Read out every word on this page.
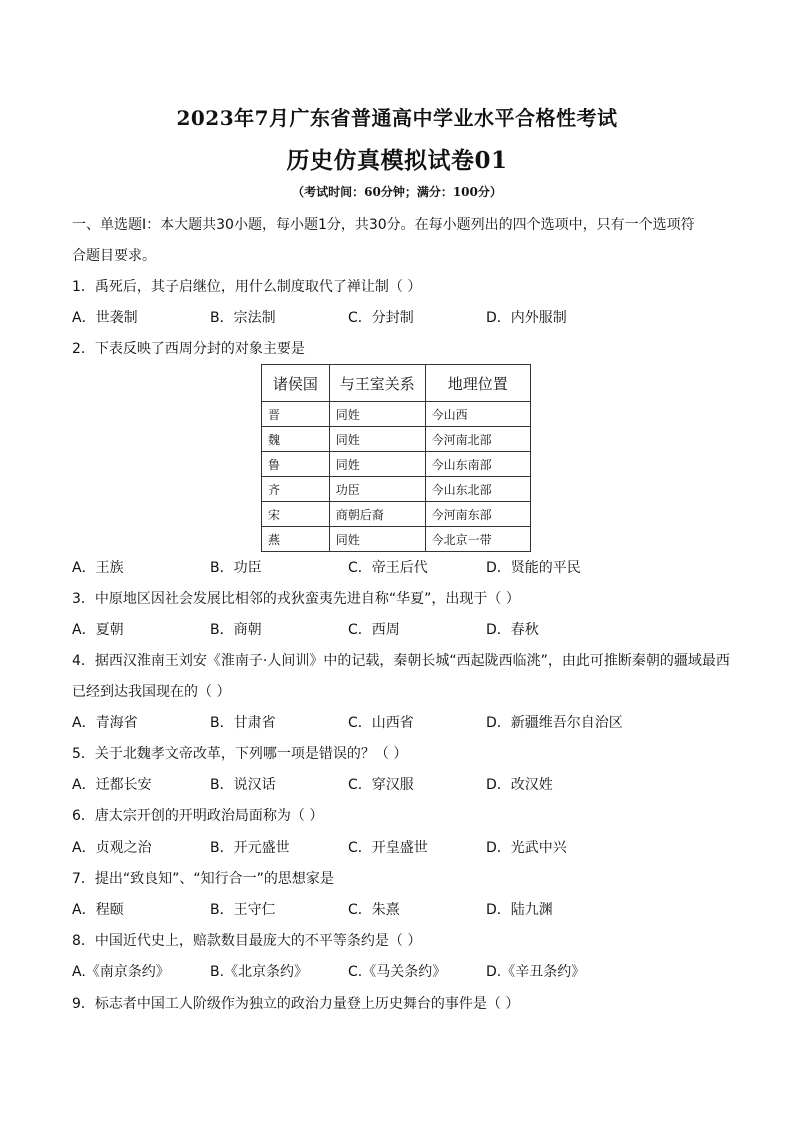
2023年7月广东省普通高中学业水平合格性考试
历史仿真模拟试卷01
（考试时间：60分钟；满分：100分）
一、单选题Ⅰ：本大题共30小题，每小题1分，共30分。在每小题列出的四个选项中，只有一个选项符
合题目要求。
1．禹死后，其子启继位，用什么制度取代了禅让制（ ）
A．世袭制	B．宗法制	C．分封制	D．内外服制
2．下表反映了西周分封的对象主要是
诸侯国	与王室关系	地理位置
晋	同姓	今山西
魏	同姓	今河南北部
鲁	同姓	今山东南部
齐	功臣	今山东北部
宋	商朝后裔	今河南东部
燕	同姓	今北京一带
A．王族	B．功臣	C．帝王后代	D．贤能的平民
3．中原地区因社会发展比相邻的戎狄蛮夷先进自称“华夏”，出现于（ ）
A．夏朝	B．商朝	C．西周	D．春秋
4．据西汉淮南王刘安《淮南子·人间训》中的记载，秦朝长城“西起陇西临洮”，由此可推断秦朝的疆域最西
已经到达我国现在的（ ）
A．青海省	B．甘肃省	C．山西省	D．新疆维吾尔自治区
5．关于北魏孝文帝改革，下列哪一项是错误的？（ ）
A．迁都长安	B．说汉话	C．穿汉服	D．改汉姓
6．唐太宗开创的开明政治局面称为（ ）
A．贞观之治	B．开元盛世	C．开皇盛世	D．光武中兴
7．提出“致良知”、“知行合一”的思想家是
A．程颐	B．王守仁	C．朱熹	D．陆九渊
8．中国近代史上，赔款数目最庞大的不平等条约是（ ）
A.《南京条约》	B.《北京条约》	C.《马关条约》	D.《辛丑条约》
9．标志者中国工人阶级作为独立的政治力量登上历史舞台的事件是（ ）
